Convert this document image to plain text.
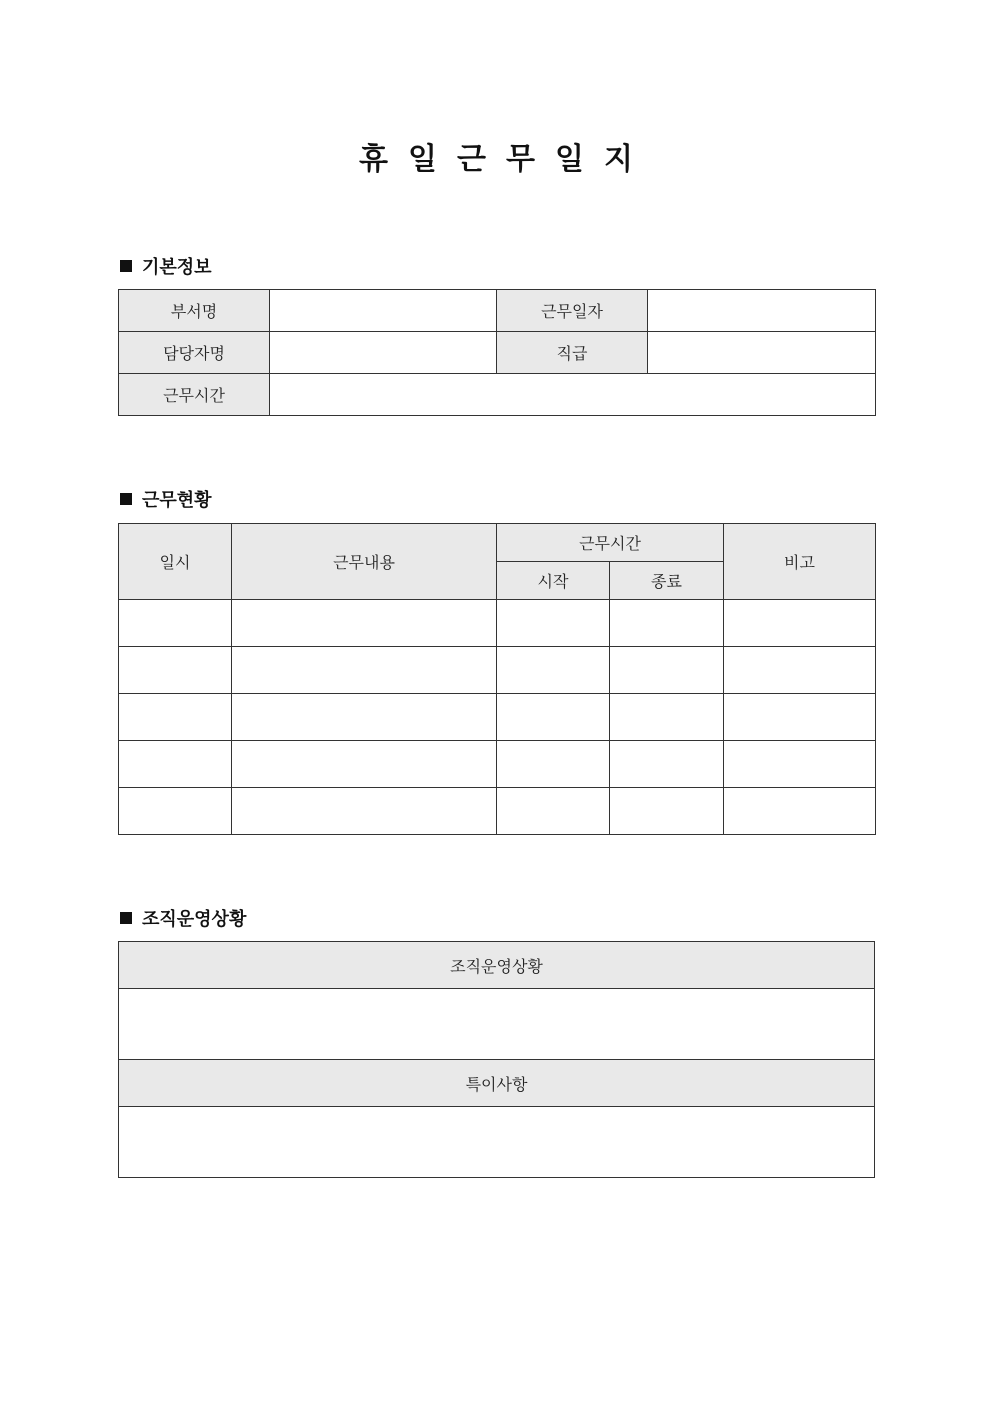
휴일근무일지
기본정보
부서명		근무일자	
담당자명		직급	
근무시간			
근무현황
일시	근무내용	근무시간		비고
		시작	종료	

조직운영상황
조직운영상황

특이사항
